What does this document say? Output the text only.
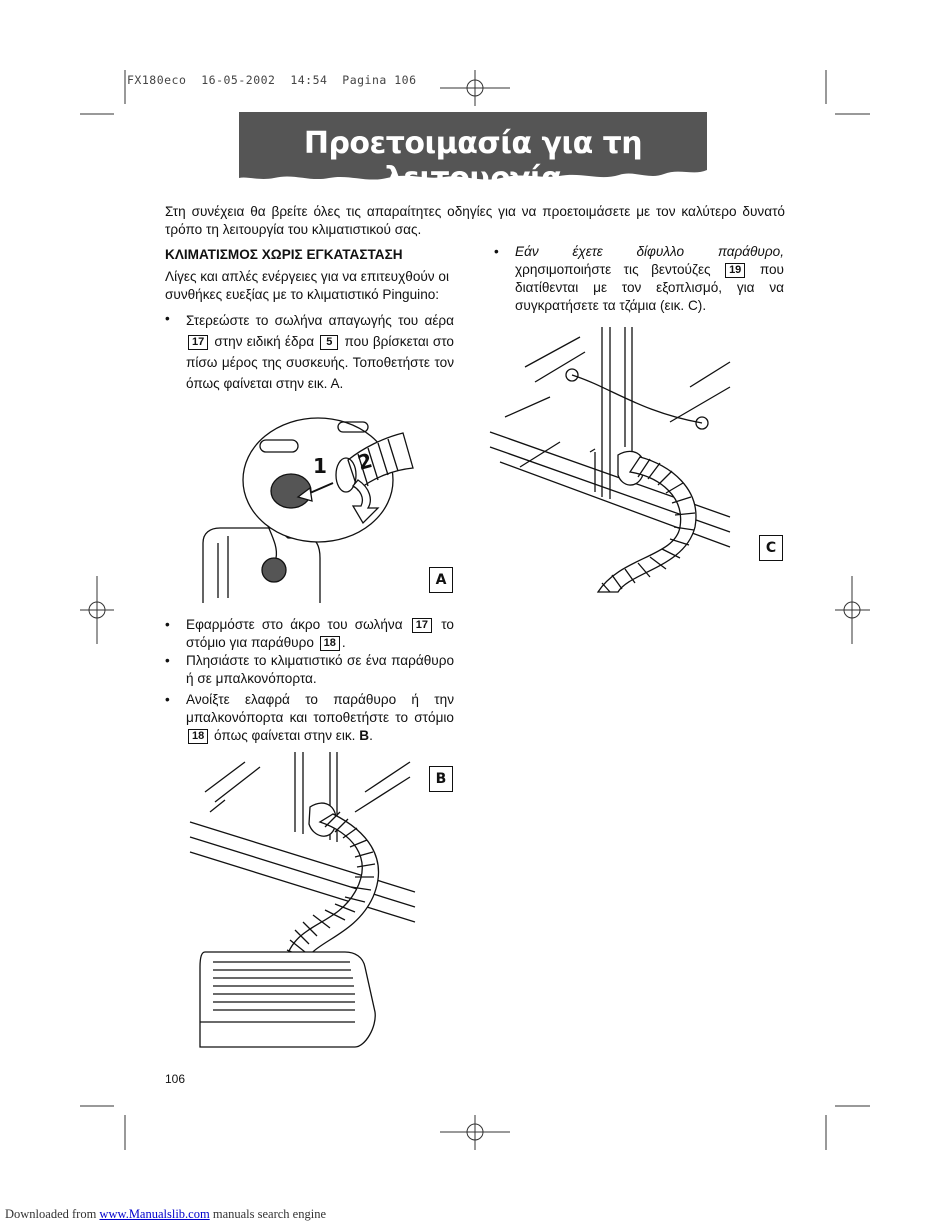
FX180eco  16-05-2002  14:54  Pagina 106
Προετοιμασία για τη λειτουργία
Στη συνέχεια θα βρείτε όλες τις απαραίτητες οδηγίες για να προετοιμάσετε με τον καλύτερο δυνατό τρόπο τη λειτουργία του κλιματιστικού σας.
ΚΛΙΜΑΤΙΣΜΟΣ ΧΩΡΙΣ ΕΓΚΑΤΑΣΤΑΣΗ
Λίγες και απλές ενέργειες για να επιτευχθούν οι συνθήκες ευεξίας με το κλιματιστικό Pinguino:
• Στερεώστε το σωλήνα απαγωγής του αέρα 17 στην ειδική έδρα 5 που βρίσκεται στο πίσω μέρος της συσκευής. Τοποθετήστε τον όπως φαίνεται στην εικ. Α.
1 2
A
• Εφαρμόστε στο άκρο του σωλήνα 17 το στόμιο για παράθυρο 18 .
• Πλησιάστε το κλιματιστικό σε ένα παράθυρο ή σε μπαλκονόπορτα.
• Ανοίξτε ελαφρά το παράθυρο ή την μπαλκονόπορτα και τοποθετήστε το στόμιο 18 όπως φαίνεται στην εικ. B.
B
• Εάν έχετε δίφυλλο παράθυρο, χρησιμοποιήστε τις βεντούζες 19 που διατίθενται με τον εξοπλισμό, για να συγκρατήσετε τα τζάμια (εικ. C).
C
106
Downloaded from www.Manualslib.com manuals search engine
